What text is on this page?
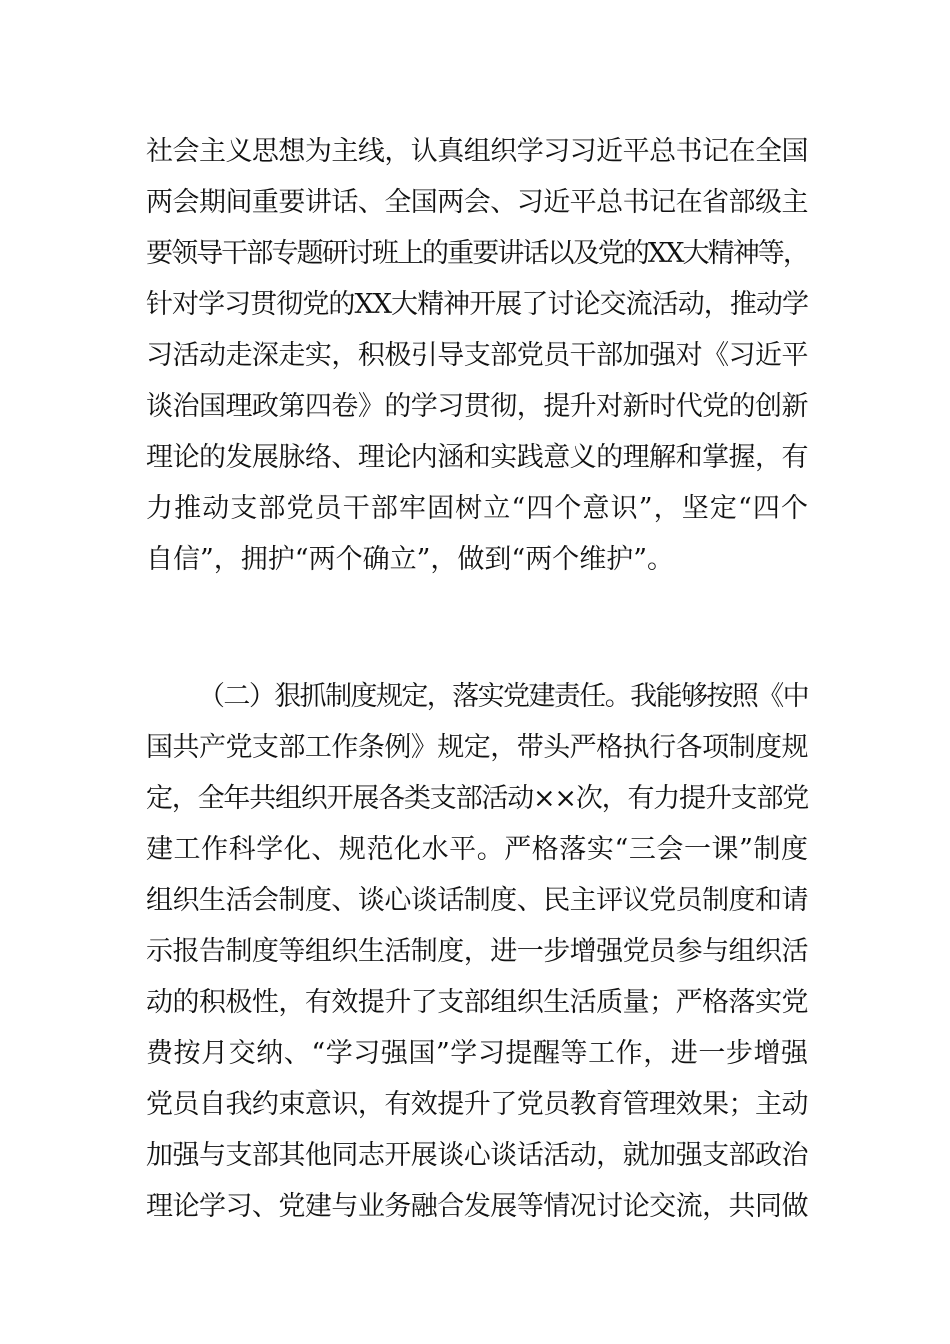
社会主义思想为主线，认真组织学习习近平总书记在全国
两会期间重要讲话、全国两会、习近平总书记在省部级主
要领导干部专题研讨班上的重要讲话以及党的XX大精神等，
针对学习贯彻党的XX大精神开展了讨论交流活动，推动学
习活动走深走实，积极引导支部党员干部加强对《习近平
谈治国理政第四卷》的学习贯彻，提升对新时代党的创新
理论的发展脉络、理论内涵和实践意义的理解和掌握，有
力推动支部党员干部牢固树立“四个意识”，坚定“四个
自信”，拥护“两个确立”，做到“两个维护”。
（二）狠抓制度规定，落实党建责任。我能够按照《中
国共产党支部工作条例》规定，带头严格执行各项制度规
定，全年共组织开展各类支部活动××次，有力提升支部党
建工作科学化、规范化水平。严格落实“三会一课”制度
组织生活会制度、谈心谈话制度、民主评议党员制度和请
示报告制度等组织生活制度，进一步增强党员参与组织活
动的积极性，有效提升了支部组织生活质量；严格落实党
费按月交纳、“学习强国”学习提醒等工作，进一步增强
党员自我约束意识，有效提升了党员教育管理效果；主动
加强与支部其他同志开展谈心谈话活动，就加强支部政治
理论学习、党建与业务融合发展等情况讨论交流，共同做
